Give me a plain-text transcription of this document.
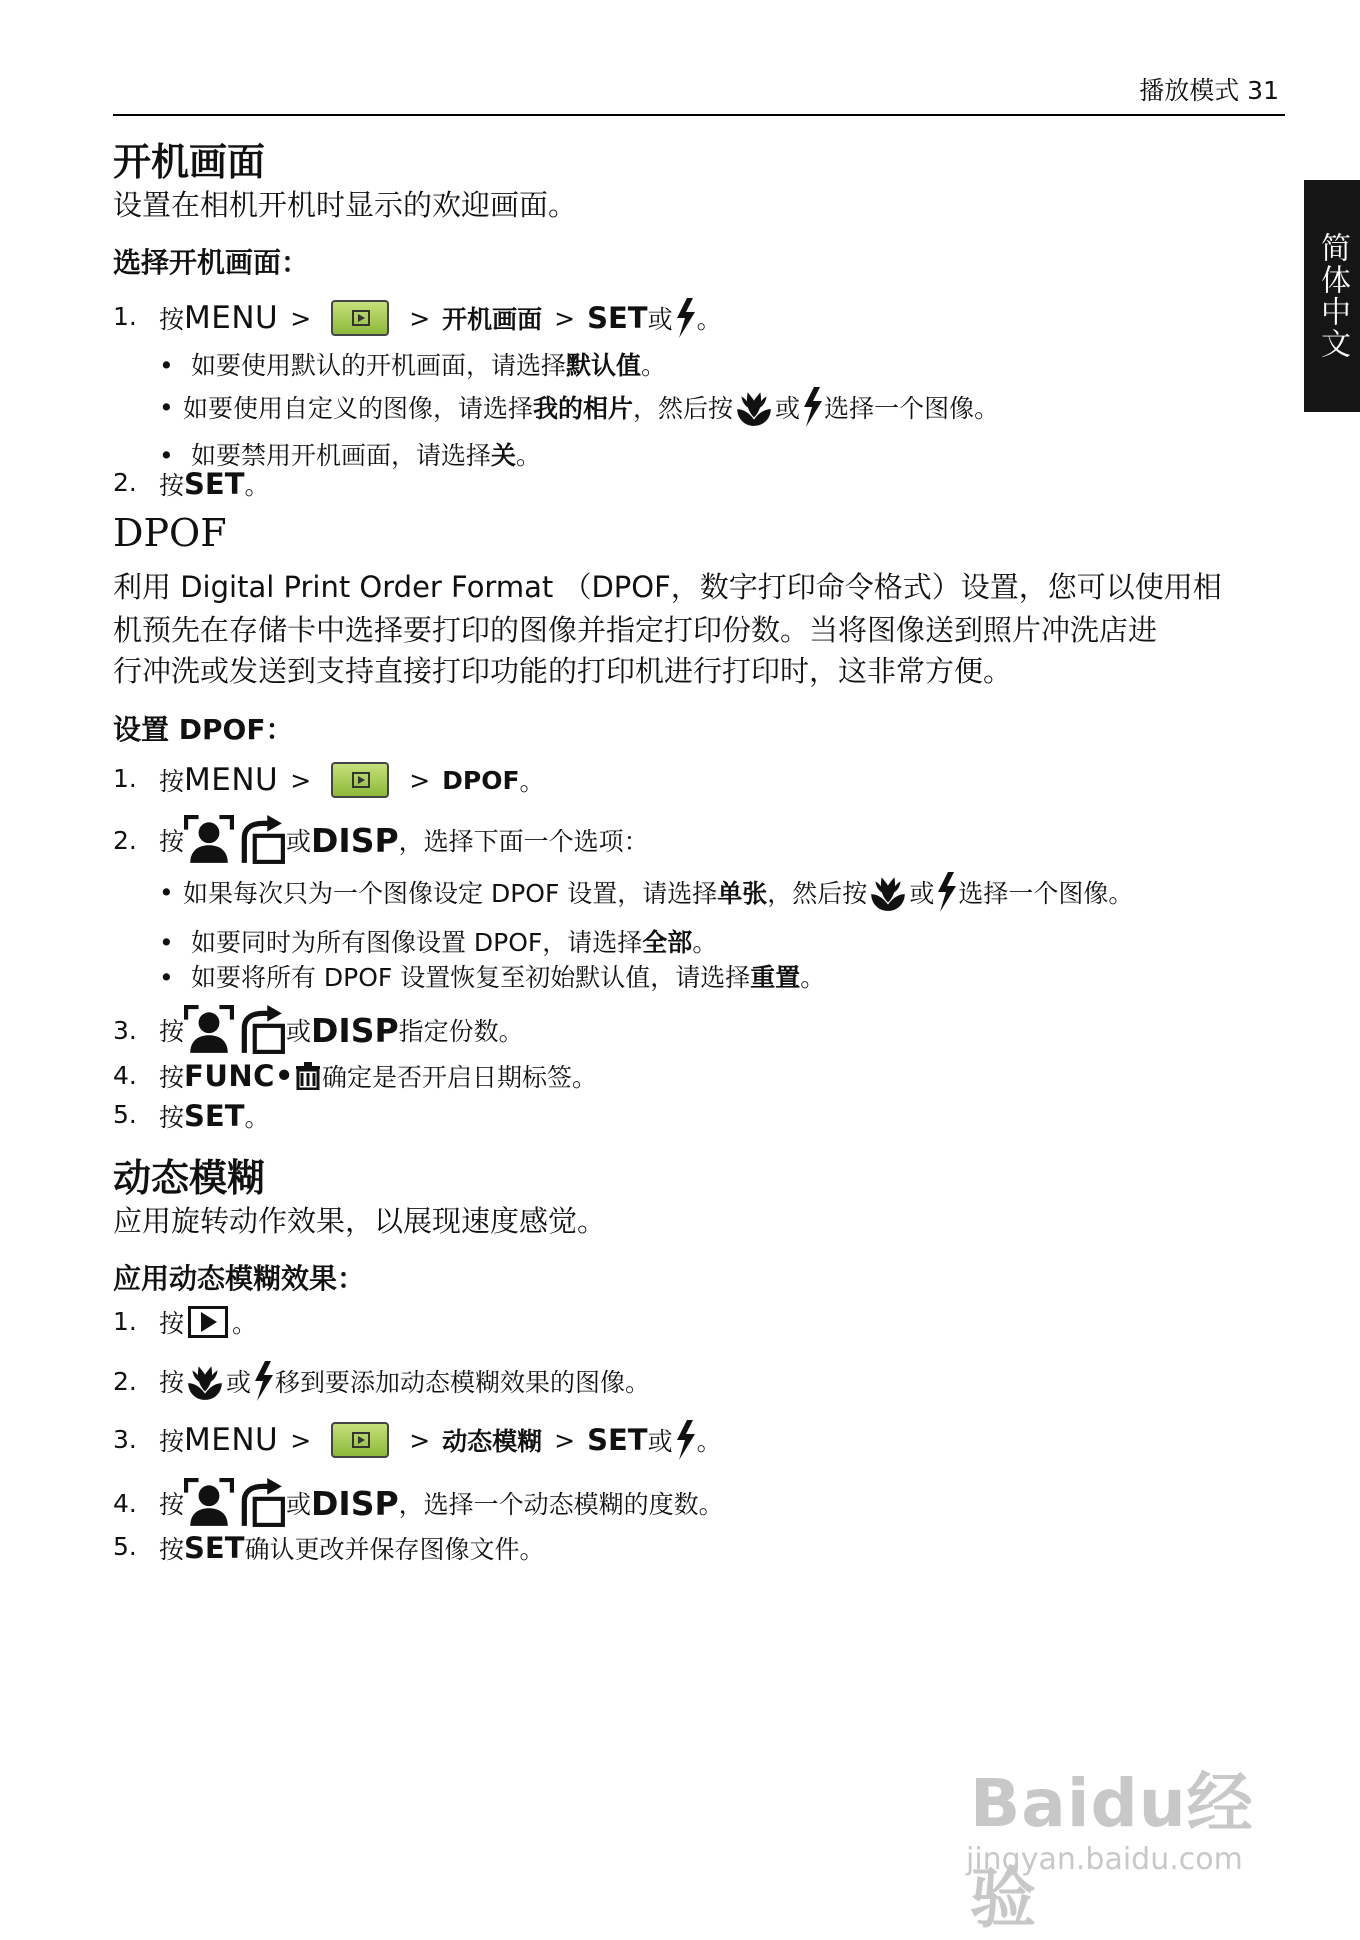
播放模式 31
简体中文
开机画面
设置在相机开机时显示的欢迎画面。
选择开机画面：
1. 按 MENU >	> 开机画面 > SET 或 。
• 如要使用默认的开机画面，请选择默认值。
• 如要使用自定义的图像，请选择 我的相片 ，然后按 或 选择一个图像。
• 如要禁用开机画面，请选择关。
2. 按 SET 。
DPOF
利用 Digital Print Order Format （DPOF，数字打印命令格式）设置，您可以使用相
机预先在存储卡中选择要打印的图像并指定打印份数。当将图像送到照片冲洗店进
行冲洗或发送到支持直接打印功能的打印机进行打印时，这非常方便。
设置 DPOF：
1. 按 MENU >	> DPOF 。
2. 按	或 DISP ，选择下面一个选项：
• 如果每次只为一个图像设定 DPOF 设置，请选择 单张 ，然后按 或 选择一个图像。
• 如要同时为所有图像设置 DPOF，请选择全部。
• 如要将所有 DPOF 设置恢复至初始默认值，请选择重置。
3. 按	或 DISP 指定份数。
4. 按 FUNC• 确定是否开启日期标签。
5. 按 SET 。
动态模糊
应用旋转动作效果，以展现速度感觉。
应用动态模糊效果：
1. 按 。
2. 按 或 移到要添加动态模糊效果的图像。
3. 按 MENU >	> 动态模糊 > SET 或 。
4. 按	或 DISP ，选择一个动态模糊的度数。
5. 按 SET 确认更改并保存图像文件。
Baidu经验
jingyan.baidu.com
